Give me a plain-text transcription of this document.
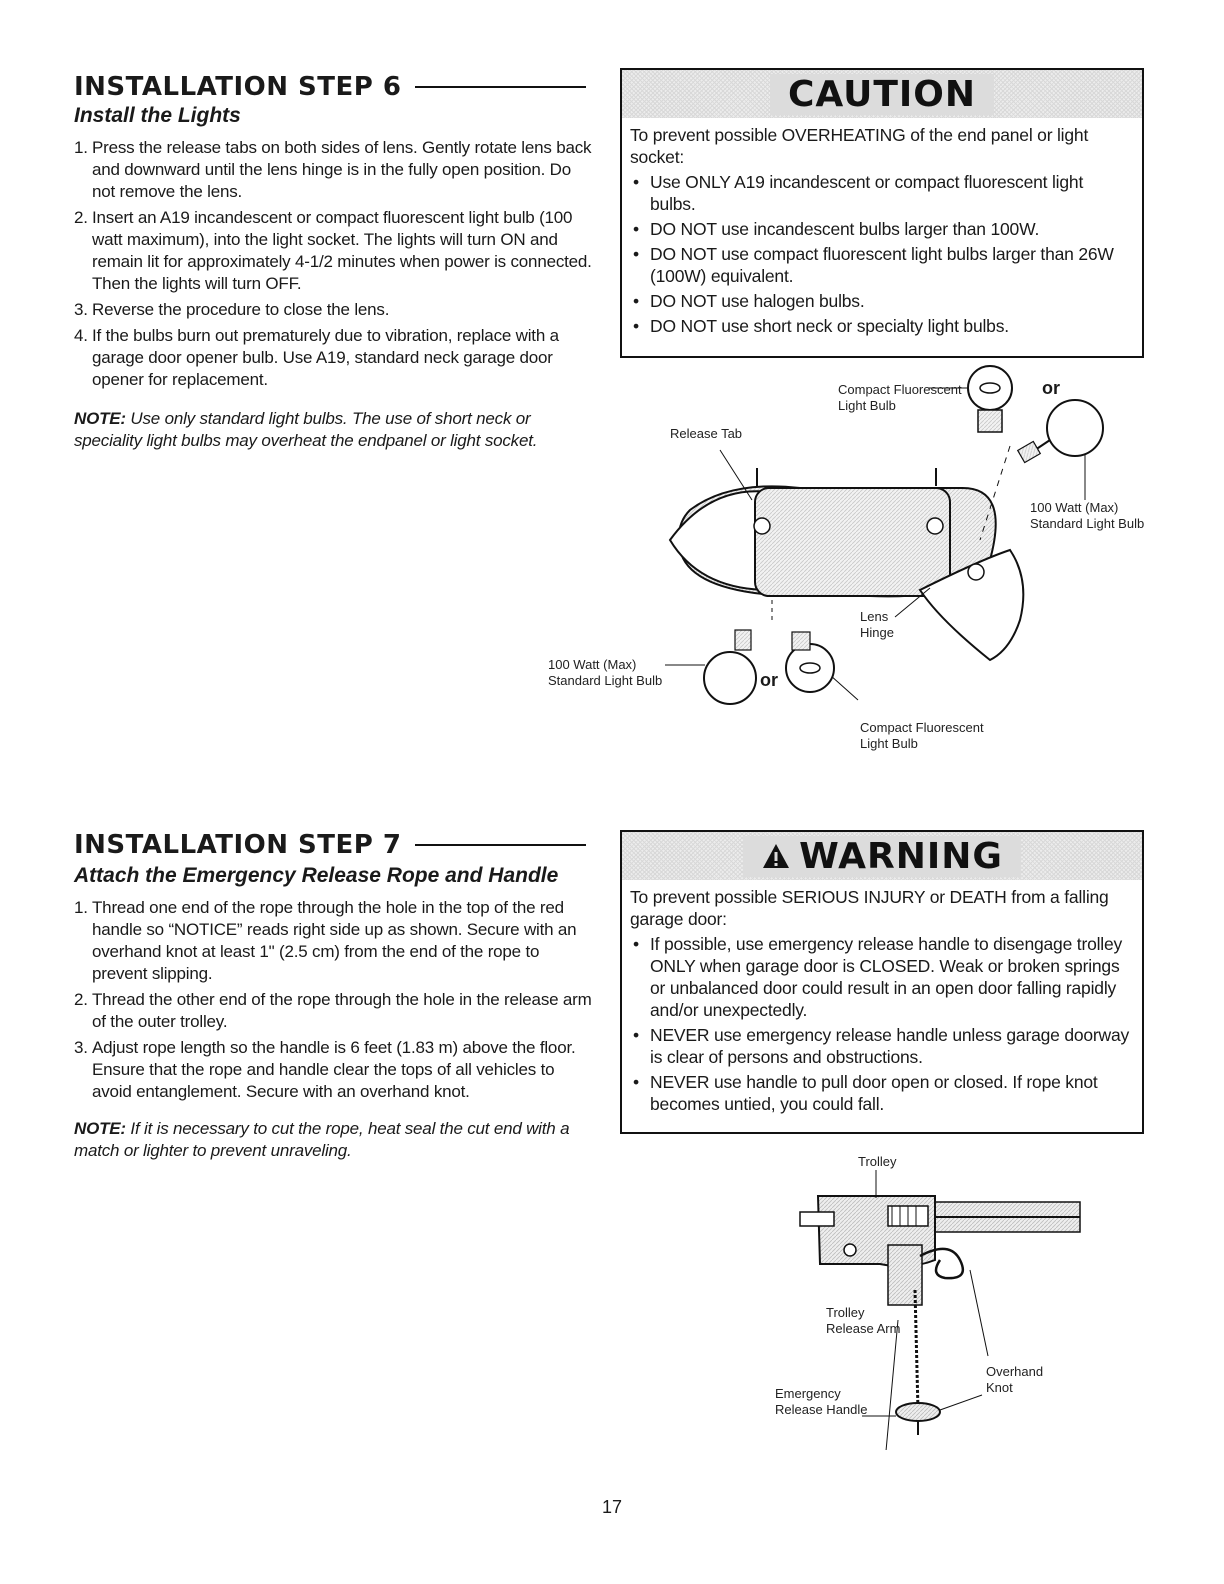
INSTALLATION STEP 6
Install the Lights
1. Press the release tabs on both sides of lens. Gently rotate lens back and downward until the lens hinge is in the fully open position. Do not remove the lens.
2. Insert an A19 incandescent or compact fluorescent light bulb (100 watt maximum), into the light socket. The lights will turn ON and remain lit for approximately 4-1/2 minutes when power is connected. Then the lights will turn OFF.
3. Reverse the procedure to close the lens.
4. If the bulbs burn out prematurely due to vibration, replace with a garage door opener bulb. Use A19, standard neck garage door opener for replacement.
NOTE: Use only standard light bulbs. The use of short neck or speciality light bulbs may overheat the endpanel or light socket.
CAUTION
To prevent possible OVERHEATING of the end panel or light socket:
• Use ONLY A19 incandescent or compact fluorescent light bulbs.
• DO NOT use incandescent bulbs larger than 100W.
• DO NOT use compact fluorescent light bulbs larger than 26W (100W) equivalent.
• DO NOT use halogen bulbs.
• DO NOT use short neck or specialty light bulbs.
Compact Fluorescent
Light Bulb
or
Release Tab
100 Watt (Max)
Standard Light Bulb
Lens
Hinge
100 Watt (Max)
Standard Light Bulb	or
Compact Fluorescent
Light Bulb
INSTALLATION STEP 7
Attach the Emergency Release Rope and Handle
1. Thread one end of the rope through the hole in the top of the red handle so “NOTICE” reads right side up as shown. Secure with an overhand knot at least 1" (2.5 cm) from the end of the rope to prevent slipping.
2. Thread the other end of the rope through the hole in the release arm of the outer trolley.
3. Adjust rope length so the handle is 6 feet (1.83 m) above the floor. Ensure that the rope and handle clear the tops of all vehicles to avoid entanglement. Secure with an overhand knot.
NOTE: If it is necessary to cut the rope, heat seal the cut end with a match or lighter to prevent unraveling.
WARNING
To prevent possible SERIOUS INJURY or DEATH from a falling garage door:
• If possible, use emergency release handle to disengage trolley ONLY when garage door is CLOSED. Weak or broken springs or unbalanced door could result in an open door falling rapidly and/or unexpectedly.
• NEVER use emergency release handle unless garage doorway is clear of persons and obstructions.
• NEVER use handle to pull door open or closed. If rope knot becomes untied, you could fall.
Trolley
Trolley
Release Arm
Overhand
Knot
Emergency
Release Handle
17
